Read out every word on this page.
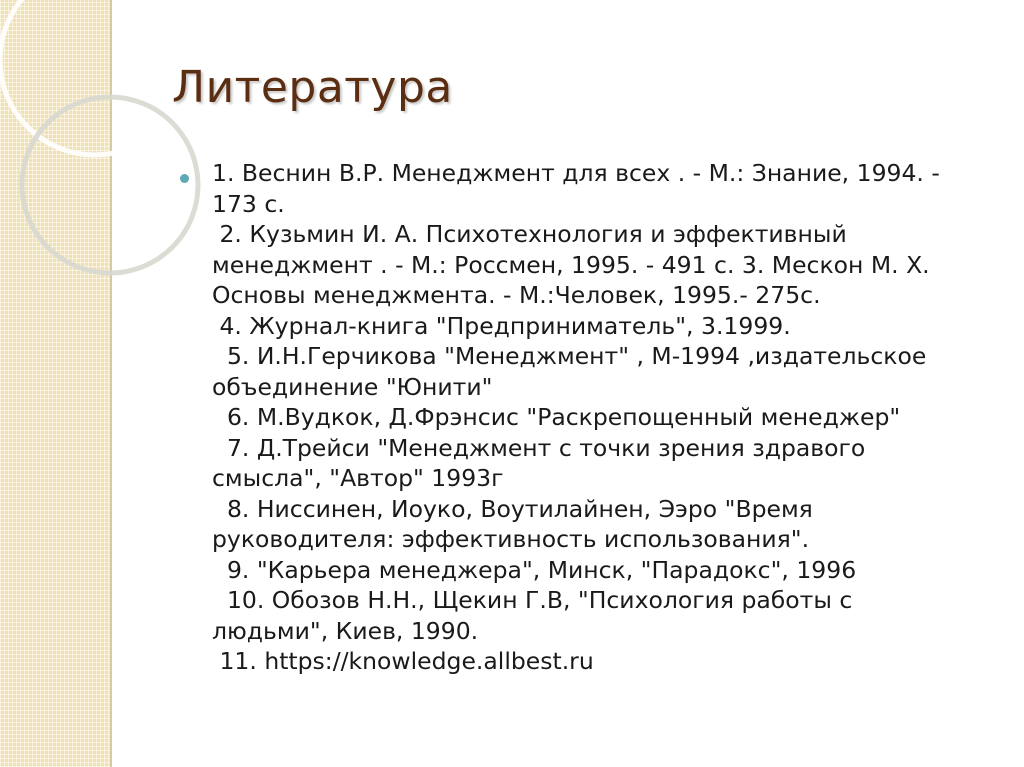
Литература
1. Веснин В.Р. Менеджмент для всех . - М.: Знание, 1994. -
173 с.
2. Кузьмин И. А. Психотехнология и эффективный
менеджмент . - М.: Россмен, 1995. - 491 с. 3. Мескон М. Х.
Основы менеджмента. - М.:Человек, 1995.- 275с.
4. Журнал-книга "Предприниматель", 3.1999.
5. И.Н.Герчикова "Менеджмент" , М-1994 ,издательское
объединение "Юнити"
6. М.Вудкок, Д.Фрэнсис "Раскрепощенный менеджер"
7. Д.Трейси "Менеджмент с точки зрения здравого
смысла", "Автор" 1993г
8. Ниссинен, Иоуко, Воутилайнен, Ээро "Время
руководителя: эффективность использования".
9. "Карьера менеджера", Минск, "Парадокс", 1996
10. Обозов Н.Н., Щекин Г.В, "Психология работы с
людьми", Киев, 1990.
11. https://knowledge.allbest.ru
